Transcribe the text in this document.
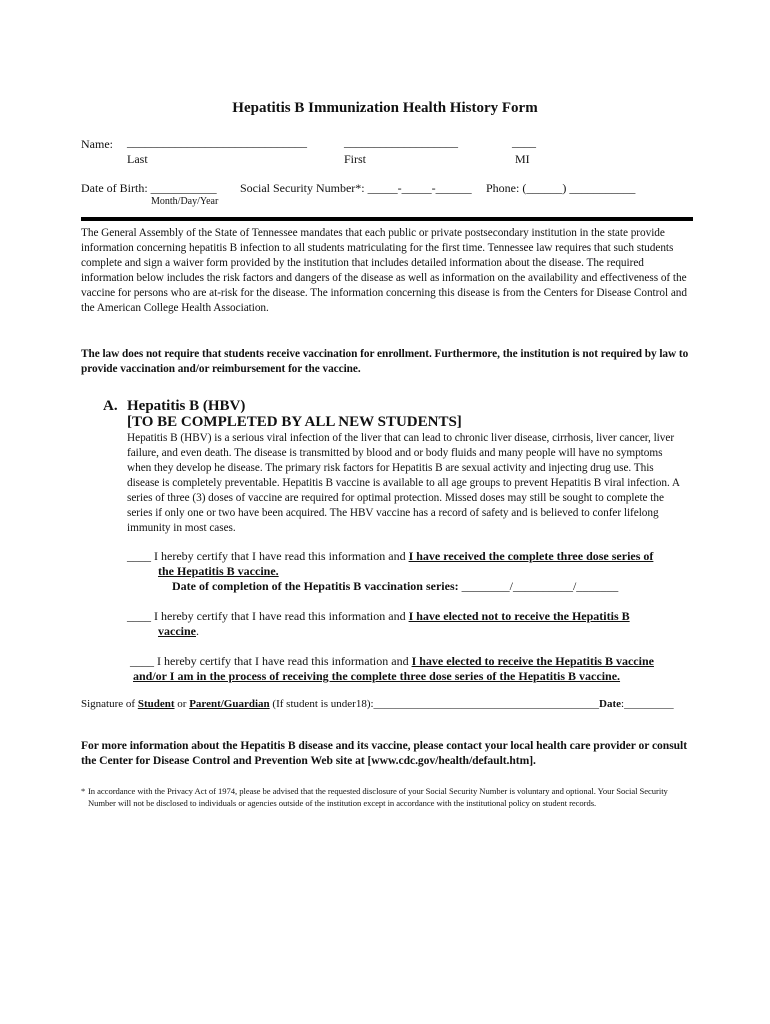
Hepatitis B Immunization Health History Form
Name: ______________________________	___________________	____
Last	First	MI
Date of Birth: ___________ Social Security Number*: _____-_____-______ Phone: (______) ___________
Month/Day/Year
The General Assembly of the State of Tennessee mandates that each public or private postsecondary institution in the state provide information concerning hepatitis B infection to all students matriculating for the first time. Tennessee law requires that such students complete and sign a waiver form provided by the institution that includes detailed information about the disease. The required information below includes the risk factors and dangers of the disease as well as information on the availability and effectiveness of the vaccine for persons who are at-risk for the disease. The information concerning this disease is from the Centers for Disease Control and the American College Health Association.
The law does not require that students receive vaccination for enrollment. Furthermore, the institution is not required by law to provide vaccination and/or reimbursement for the vaccine.
A. Hepatitis B (HBV)
[TO BE COMPLETED BY ALL NEW STUDENTS]
Hepatitis B (HBV) is a serious viral infection of the liver that can lead to chronic liver disease, cirrhosis, liver cancer, liver failure, and even death. The disease is transmitted by blood and or body fluids and many people will have no symptoms when they develop he disease. The primary risk factors for Hepatitis B are sexual activity and injecting drug use. This disease is completely preventable. Hepatitis B vaccine is available to all age groups to prevent Hepatitis B viral infection. A series of three (3) doses of vaccine are required for optimal protection. Missed doses may still be sought to complete the series if only one or two have been acquired. The HBV vaccine has a record of safety and is believed to confer lifelong immunity in most cases.
____ I hereby certify that I have read this information and I have received the complete three dose series of
the Hepatitis B vaccine.
Date of completion of the Hepatitis B vaccination series: ________/__________/_______
____ I hereby certify that I have read this information and I have elected not to receive the Hepatitis B
vaccine.
____ I hereby certify that I have read this information and I have elected to receive the Hepatitis B vaccine
and/or I am in the process of receiving the complete three dose series of the Hepatitis B vaccine.
Signature of Student or Parent/Guardian (If student is under18):_________________________________________Date:_________
For more information about the Hepatitis B disease and its vaccine, please contact your local health care provider or consult the Center for Disease Control and Prevention Web site at [www.cdc.gov/health/default.htm].
* In accordance with the Privacy Act of 1974, please be advised that the requested disclosure of your Social Security Number is voluntary and optional. Your Social Security Number will not be disclosed to individuals or agencies outside of the institution except in accordance with the institutional policy on student records.
